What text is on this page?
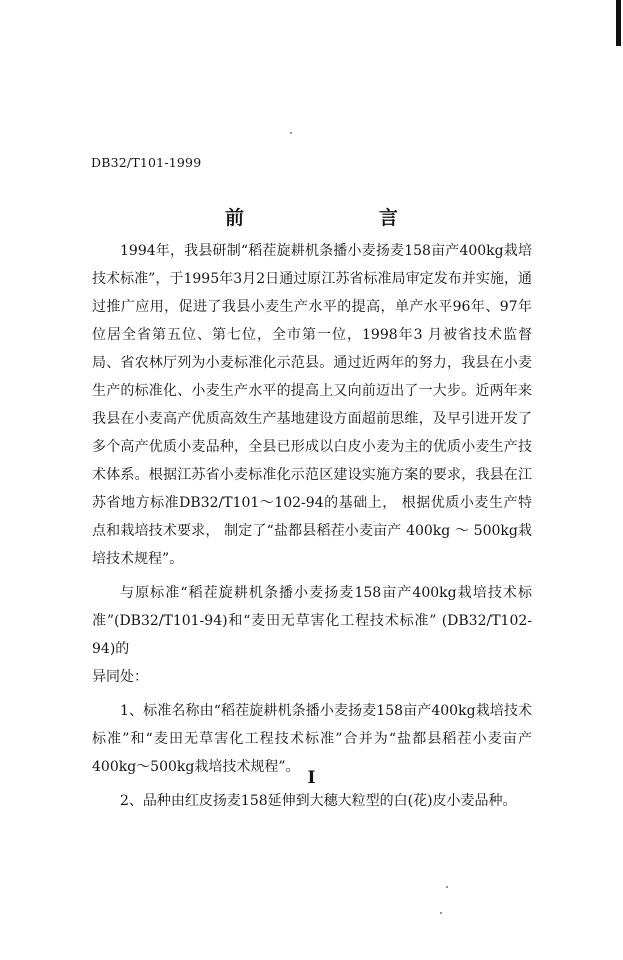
DB32/T101-1999
前　言

1994年，我县研制“稻茬旋耕机条播小麦扬麦158亩产400kg栽培技术标准”，于1995年3月2日通过原江苏省标准局审定发布并实施，通过推广应用，促进了我县小麦生产水平的提高，单产水平96年、97年位居全省第五位、第七位，全市第一位，1998年3 月被省技术监督局、省农林厅列为小麦标准化示范县。通过近两年的努力，我县在小麦生产的标准化、小麦生产水平的提高上又向前迈出了一大步。近两年来我县在小麦高产优质高效生产基地建设方面超前思维，及早引进开发了多个高产优质小麦品种，全县已形成以白皮小麦为主的优质小麦生产技术体系。根据江苏省小麦标准化示范区建设实施方案的要求，我县在江苏省地方标准DB32/T101～102-94的基础上， 根据优质小麦生产特点和栽培技术要求， 制定了“盐都县稻茬小麦亩产 400kg ～ 500kg栽培技术规程”。

与原标准“稻茬旋耕机条播小麦扬麦158亩产400kg栽培技术标准”(DB32/T101-94)和“麦田无草害化工程技术标准” (DB32/T102-94)的

异同处：

1、标准名称由“稻茬旋耕机条播小麦扬麦158亩产400kg栽培技术标准”和“麦田无草害化工程技术标准”合并为“盐都县稻茬小麦亩产400kg～500kg栽培技术规程”。

2、品种由红皮扬麦158延伸到大穗大粒型的白(花)皮小麦品种。

I
